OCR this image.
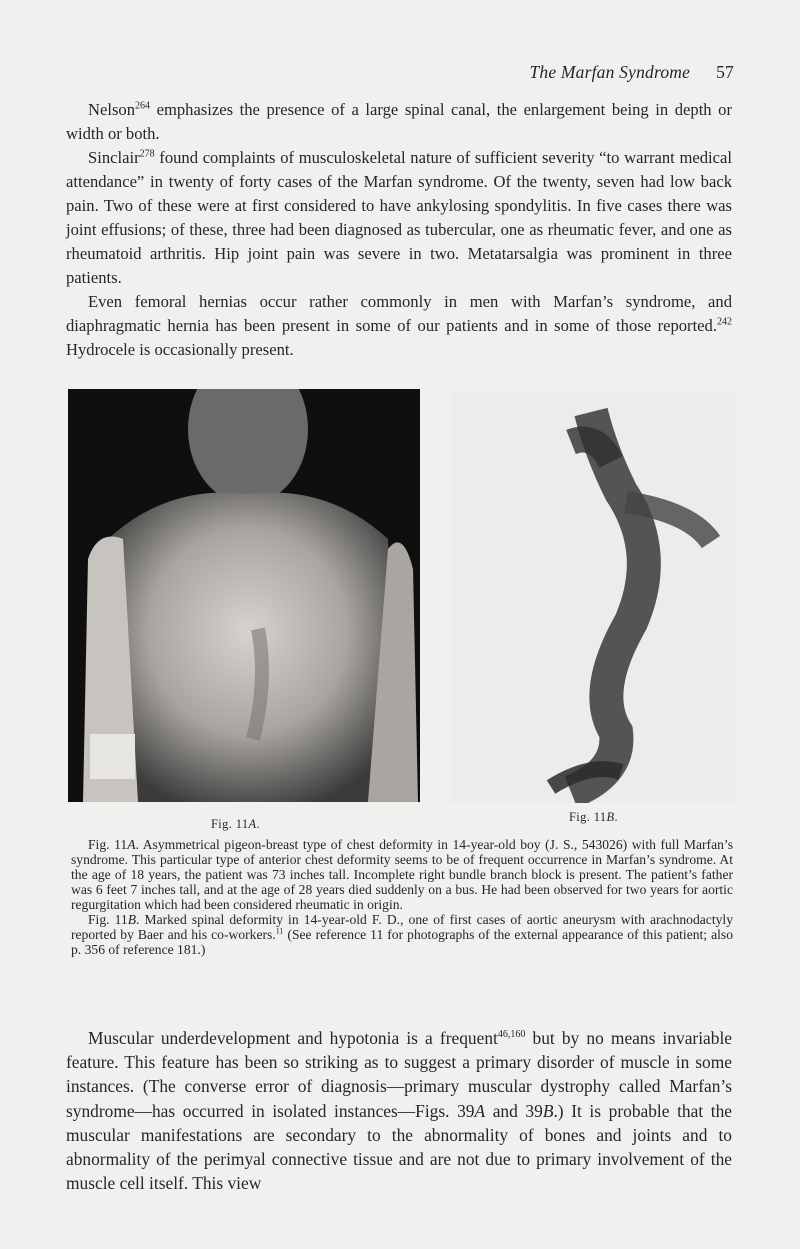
The Marfan Syndrome 57

Nelson$^{264}$ emphasizes the presence of a large spinal canal, the enlargement being in depth or width or both.

Sinclair$^{278}$ found complaints of musculoskeletal nature of sufficient severity “to warrant medical attendance” in twenty of forty cases of the Marfan syndrome. Of the twenty, seven had low back pain. Two of these were at first considered to have ankylosing spondylitis. In five cases there was joint effusions; of these, three had been diagnosed as tubercular, one as rheumatic fever, and one as rheumatoid arthritis. Hip joint pain was severe in two. Metatarsalgia was prominent in three patients.

Even femoral hernias occur rather commonly in men with Marfan’s syndrome, and diaphragmatic hernia has been present in some of our patients and in some of those reported.$^{242}$ Hydrocele is occasionally present.

Fig. 11A.	Fig. 11B.

Fig. 11A. Asymmetrical pigeon-breast type of chest deformity in 14-year-old boy (J. S., 543026) with full Marfan’s syndrome. This particular type of anterior chest deformity seems to be of frequent occurrence in Marfan’s syndrome. At the age of 18 years, the patient was 73 inches tall. Incomplete right bundle branch block is present. The patient’s father was 6 feet 7 inches tall, and at the age of 28 years died suddenly on a bus. He had been observed for two years for aortic regurgitation which had been considered rheumatic in origin.

Fig. 11B. Marked spinal deformity in 14-year-old F. D., one of first cases of aortic aneurysm with arachnodactyly reported by Baer and his co-workers.$^{11}$ (See reference 11 for photographs of the external appearance of this patient; also p. 356 of reference 181.)

Muscular underdevelopment and hypotonia is a frequent$^{46,160}$ but by no means invariable feature. This feature has been so striking as to suggest a primary disorder of muscle in some instances. (The converse error of diagnosis—primary muscular dystrophy called Marfan’s syndrome—has occurred in isolated instances—Figs. 39A and 39B.) It is probable that the muscular manifestations are secondary to the abnormality of bones and joints and to abnormality of the perimyal connective tissue and are not due to primary involvement of the muscle cell itself. This view
